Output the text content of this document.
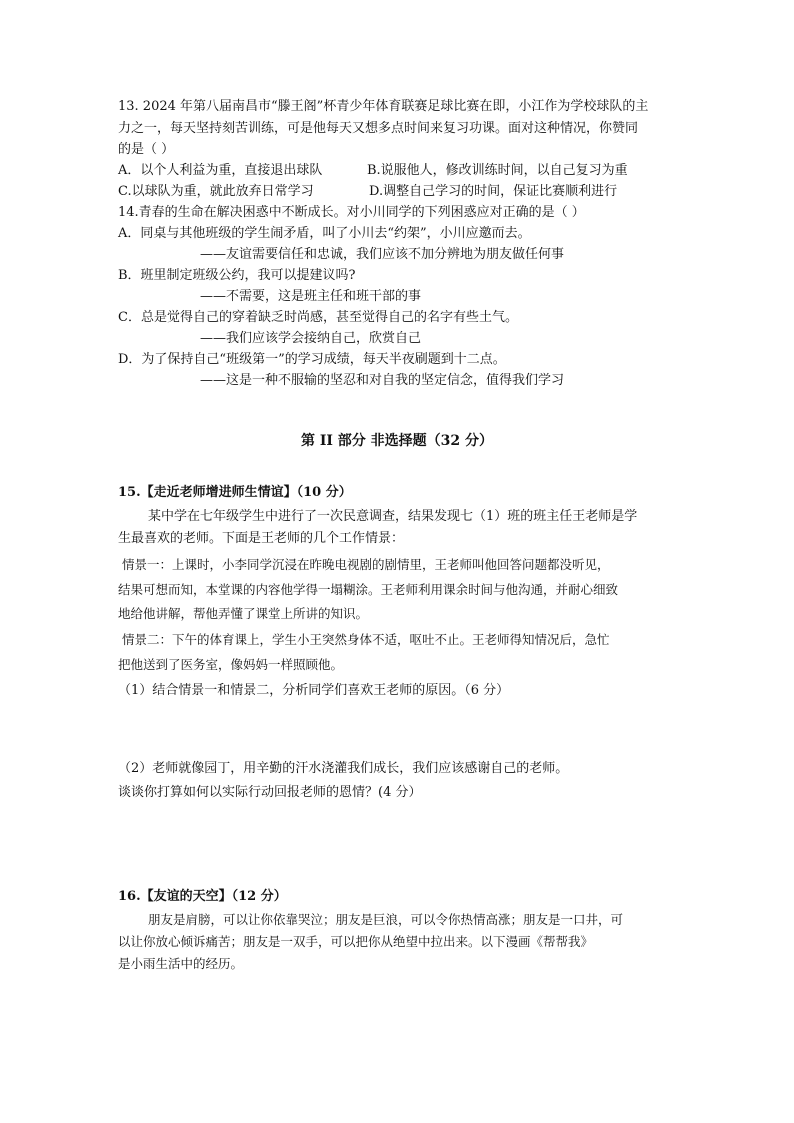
13. 2024 年第八届南昌市“滕王阁”杯青少年体育联赛足球比赛在即，小江作为学校球队的主
力之一，每天坚持刻苦训练，可是他每天又想多点时间来复习功课。面对这种情况，你赞同
的是（ ）
A．以个人利益为重，直接退出球队	B.说服他人，修改训练时间，以自己复习为重
C.以球队为重，就此放弃日常学习	D.调整自己学习的时间，保证比赛顺利进行
14.青春的生命在解决困惑中不断成长。对小川同学的下列困惑应对正确的是（ ）
A．同桌与其他班级的学生闹矛盾，叫了小川去“约架”，小川应邀而去。
——友谊需要信任和忠诚，我们应该不加分辨地为朋友做任何事
B．班里制定班级公约，我可以提建议吗?
——不需要，这是班主任和班干部的事
C．总是觉得自己的穿着缺乏时尚感，甚至觉得自己的名字有些土气。
——我们应该学会接纳自己，欣赏自己
D．为了保持自己“班级第一”的学习成绩，每天半夜刷题到十二点。
——这是一种不服输的坚忍和对自我的坚定信念，值得我们学习
第 II 部分 非选择题（32 分）
15.【走近老师增进师生情谊】（10 分）
某中学在七年级学生中进行了一次民意调查，结果发现七（1）班的班主任王老师是学
生最喜欢的老师。下面是王老师的几个工作情景：
情景一：上课时，小李同学沉浸在昨晚电视剧的剧情里，王老师叫他回答问题都没听见，
结果可想而知，本堂课的内容他学得一塌糊涂。王老师利用课余时间与他沟通，并耐心细致
地给他讲解，帮他弄懂了课堂上所讲的知识。
情景二：下午的体育课上，学生小王突然身体不适，呕吐不止。王老师得知情况后，急忙
把他送到了医务室，像妈妈一样照顾他。
（1）结合情景一和情景二，分析同学们喜欢王老师的原因。（6 分）
（2）老师就像园丁，用辛勤的汗水浇灌我们成长，我们应该感谢自己的老师。
谈谈你打算如何以实际行动回报老师的恩情？(4 分）
16.【友谊的天空】（12 分）
朋友是肩膀，可以让你依靠哭泣；朋友是巨浪，可以令你热情高涨；朋友是一口井，可
以让你放心倾诉痛苦；朋友是一双手，可以把你从绝望中拉出来。以下漫画《帮帮我》
是小雨生活中的经历。
